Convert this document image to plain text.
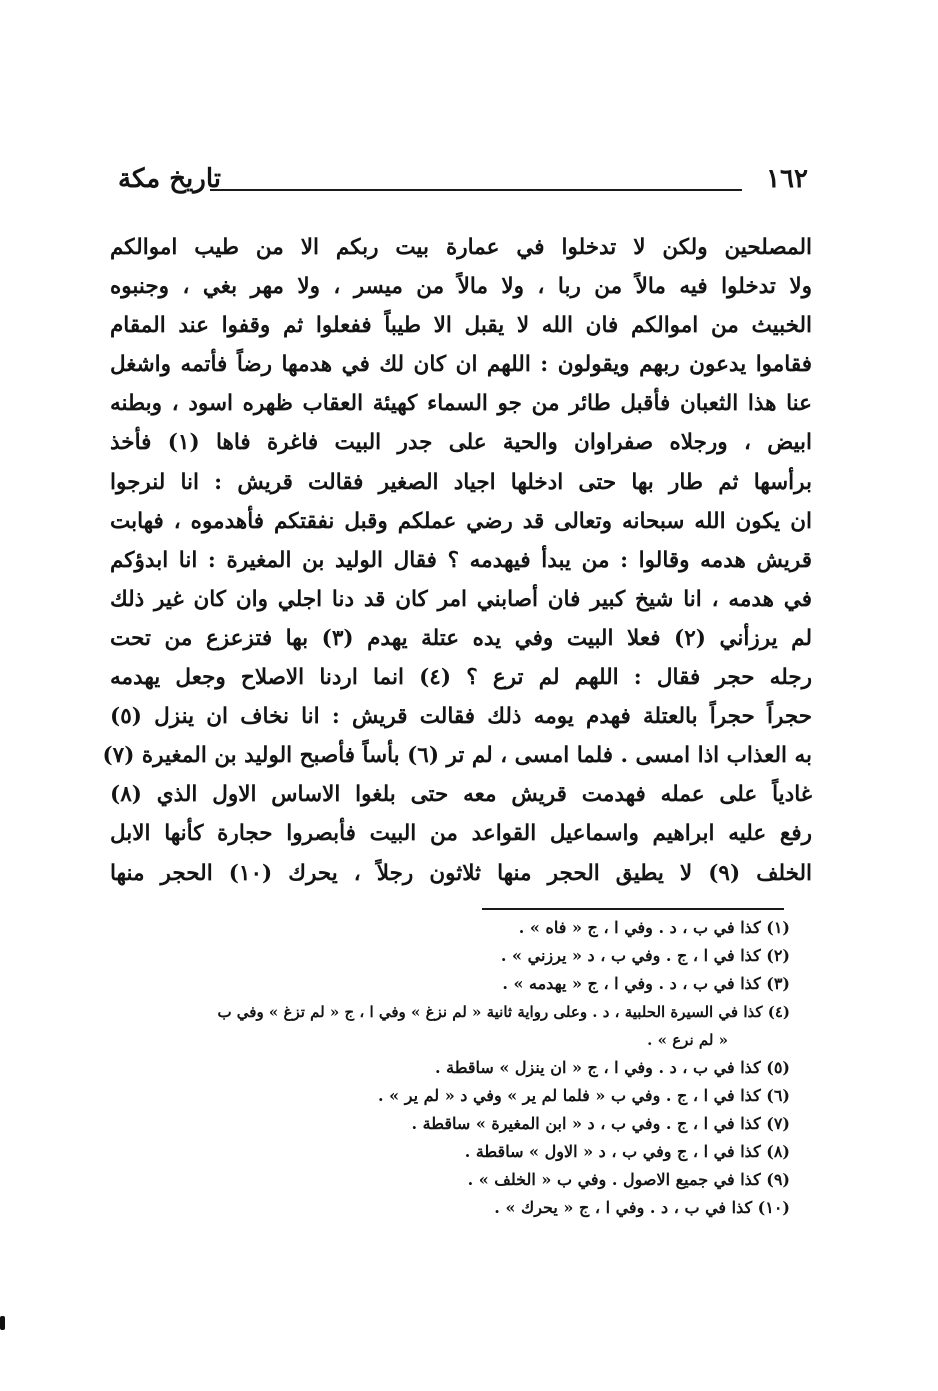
١٦٢
تاريخ مكة
المصلحين ولكن لا تدخلوا في عمارة بيت ربكم الا من طيب اموالكم
ولا تدخلوا فيه مالاً من ربا ، ولا مالاً من ميسر ، ولا مهر بغي ، وجنبوه
الخبيث من اموالكم فان الله لا يقبل الا طيباً ففعلوا ثم وقفوا عند المقام
فقاموا يدعون ربهم ويقولون : اللهم ان كان لك في هدمها رضاً فأتمه واشغل
عنا هذا الثعبان فأقبل طائر من جو السماء كهيئة العقاب ظهره اسود ، وبطنه
ابيض ، ورجلاه صفراوان والحية على جدر البيت فاغرة فاها (١) فأخذ
برأسها ثم طار بها حتى ادخلها اجياد الصغير فقالت قريش : انا لنرجوا
ان يكون الله سبحانه وتعالى قد رضي عملكم وقبل نفقتكم فأهدموه ، فهابت
قريش هدمه وقالوا : من يبدأ فيهدمه ؟ فقال الوليد بن المغيرة : انا ابدؤكم
في هدمه ، انا شيخ كبير فان أصابني امر كان قد دنا اجلي وان كان غير ذلك
لم يرزأني (٢) فعلا البيت وفي يده عتلة يهدم (٣) بها فتزعزع من تحت
رجله حجر فقال : اللهم لم ترع ؟ (٤) انما اردنا الاصلاح وجعل يهدمه
حجراً حجراً بالعتلة فهدم يومه ذلك فقالت قريش : انا نخاف ان ينزل (٥)
به العذاب اذا امسى . فلما امسى ، لم تر (٦) بأساً فأصبح الوليد بن المغيرة (٧)
غادياً على عمله فهدمت قريش معه حتى بلغوا الاساس الاول الذي (٨)
رفع عليه ابراهيم واسماعيل القواعد من البيت فأبصروا حجارة كأنها الابل
الخلف (٩) لا يطيق الحجر منها ثلاثون رجلاً ، يحرك (١٠) الحجر منها
(١) كذا في ب ، د . وفي ا ، ج « فاه » .
(٢) كذا في ا ، ج . وفي ب ، د « يرزني » .
(٣) كذا في ب ، د . وفي ا ، ج « يهدمه » .
(٤) كذا في السيرة الحلبية ، د . وعلى رواية ثانية « لم نزغ » وفي ا ، ج « لم تزغ » وفي ب
« لم نرع » .
(٥) كذا في ب ، د . وفي ا ، ج « ان ينزل » ساقطة .
(٦) كذا في ا ، ج . وفي ب « فلما لم ير » وفي د « لم ير » .
(٧) كذا في ا ، ج . وفي ب ، د « ابن المغيرة » ساقطة .
(٨) كذا في ا ، ج وفي ب ، د « الاول » ساقطة .
(٩) كذا في جميع الاصول . وفي ب « الخلف » .
(١٠) كذا في ب ، د . وفي ا ، ج « يحرك » .
